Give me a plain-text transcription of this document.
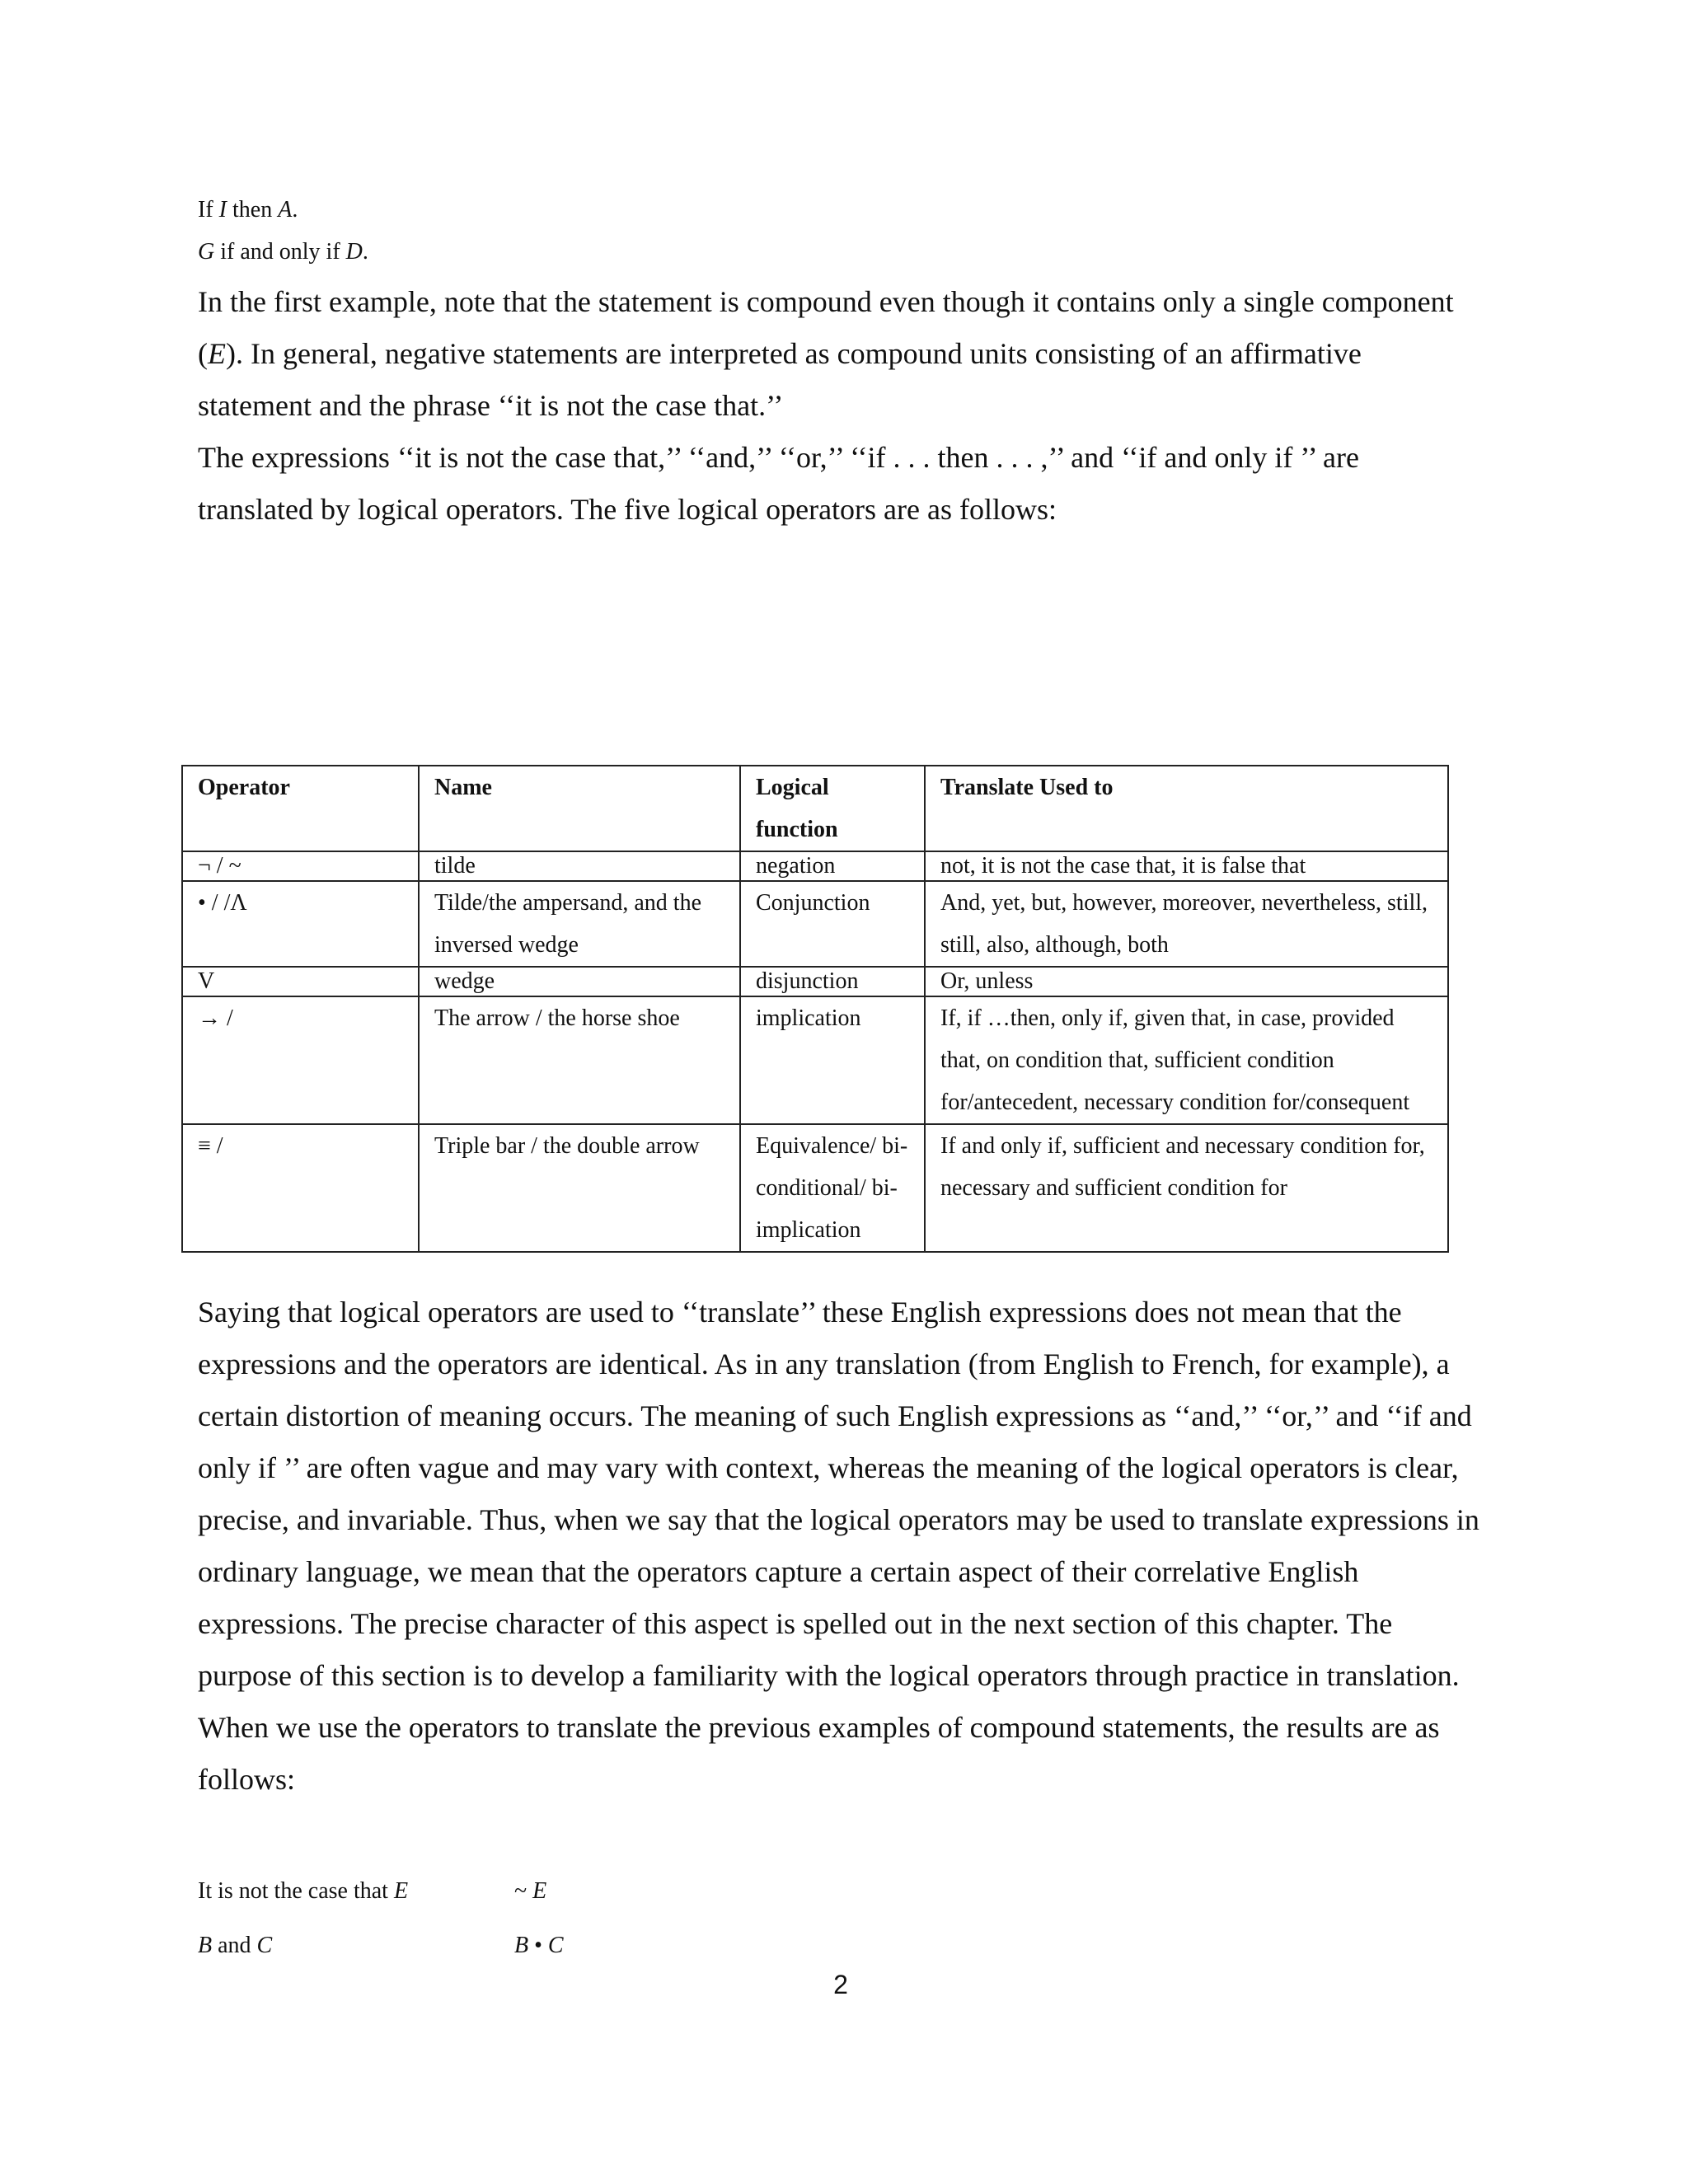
If I then A.
G if and only if D.

In the first example, note that the statement is compound even though it contains only a single component

(E). In general, negative statements are interpreted as compound units consisting of an affirmative

statement and the phrase ‘‘it is not the case that.’’

The expressions ‘‘it is not the case that,’’ ‘‘and,’’ ‘‘or,’’ ‘‘if . . . then . . . ,’’ and ‘‘if and only if ’’ are

translated by logical operators. The five logical operators are as follows:

Operator	Name	Logical function	Translate Used to
¬ / ~	tilde	negation	not, it is not the case that, it is false that
• / /Λ	Tilde/the ampersand, and the inversed wedge	Conjunction	And, yet, but, however, moreover, nevertheless, still, still, also, although, both
V	wedge	disjunction	Or, unless
→ /	The arrow / the horse shoe	implication	If, if …then, only if, given that, in case, provided that, on condition that, sufficient condition for/antecedent, necessary condition for/consequent
≡ /	Triple bar / the double arrow	Equivalence/ bi-conditional/ bi-implication	If and only if, sufficient and necessary condition for, necessary and sufficient condition for

Saying that logical operators are used to ‘‘translate’’ these English expressions does not mean that the expressions and the operators are identical. As in any translation (from English to French, for example), a certain distortion of meaning occurs. The meaning of such English expressions as ‘‘and,’’ ‘‘or,’’ and ‘‘if and only if ’’ are often vague and may vary with context, whereas the meaning of the logical operators is clear, precise, and invariable. Thus, when we say that the logical operators may be used to translate expressions in ordinary language, we mean that the operators capture a certain aspect of their correlative English expressions. The precise character of this aspect is spelled out in the next section of this chapter. The purpose of this section is to develop a familiarity with the logical operators through practice in translation.

When we use the operators to translate the previous examples of compound statements, the results are as follows:

It is not the case that E	~ E
B and C	B • C
2
